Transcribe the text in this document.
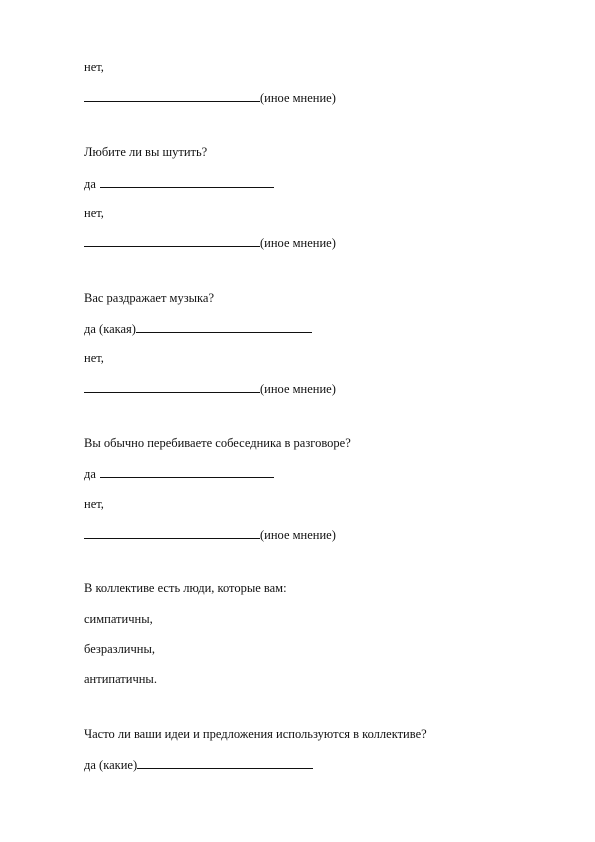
нет,
(иное мнение)
Любите ли вы шутить?
да
нет,
(иное мнение)
Вас раздражает музыка?
да (какая)
нет,
(иное мнение)
Вы обычно перебиваете собеседника в разговоре?
да
нет,
(иное мнение)
В коллективе есть люди, которые вам:
симпатичны,
безразличны,
антипатичны.
Часто ли ваши идеи и предложения используются в коллективе?
да (какие)
